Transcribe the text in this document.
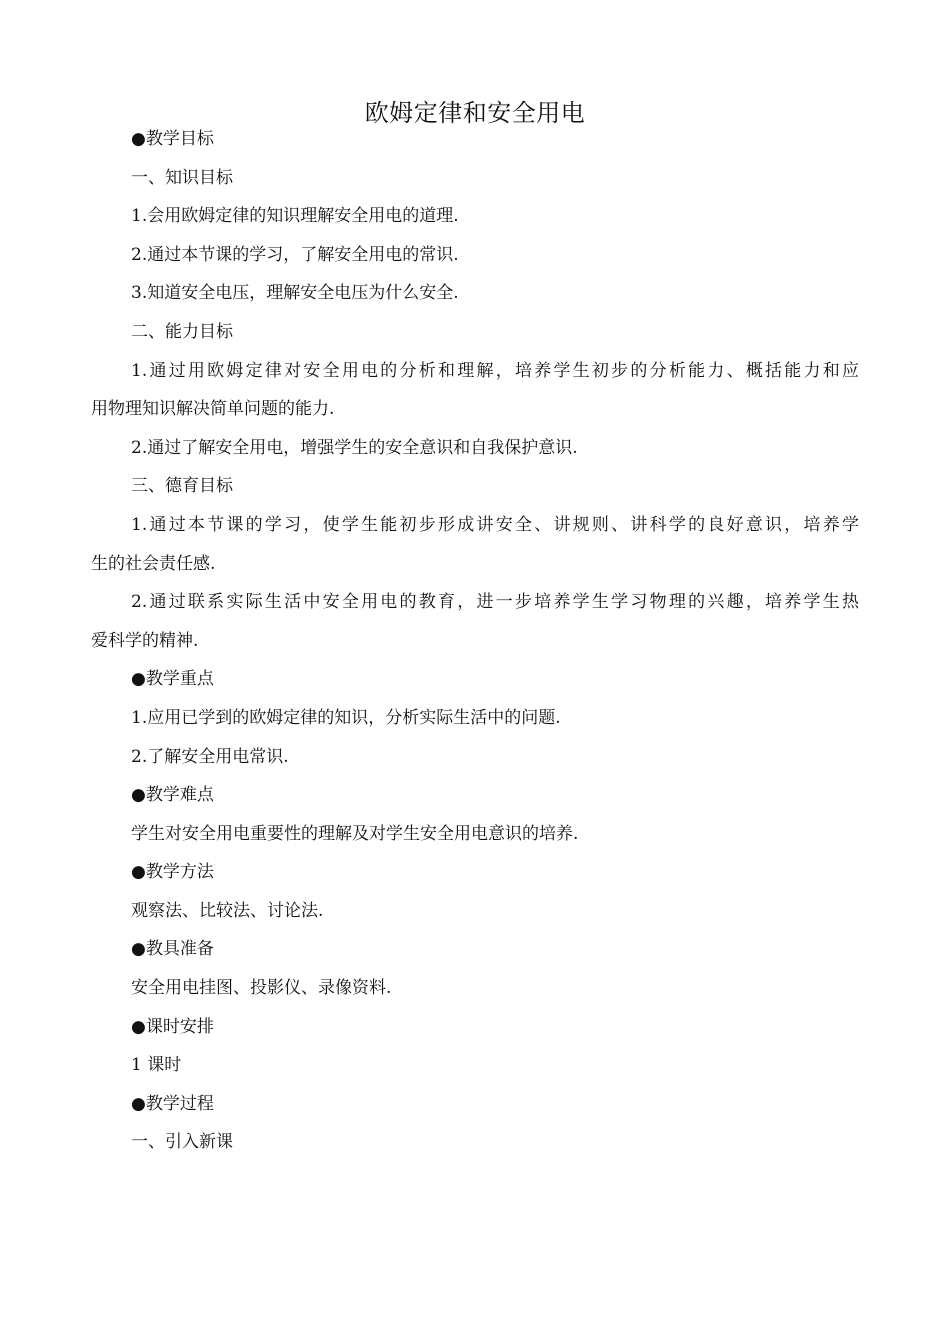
欧姆定律和安全用电
●教学目标
一、知识目标
1.会用欧姆定律的知识理解安全用电的道理.
2.通过本节课的学习，了解安全用电的常识.
3.知道安全电压，理解安全电压为什么安全.
二、能力目标
1.通过用欧姆定律对安全用电的分析和理解，培养学生初步的分析能力、概括能力和应
用物理知识解决简单问题的能力.
2.通过了解安全用电，增强学生的安全意识和自我保护意识.
三、德育目标
1.通过本节课的学习，使学生能初步形成讲安全、讲规则、讲科学的良好意识，培养学
生的社会责任感.
2.通过联系实际生活中安全用电的教育，进一步培养学生学习物理的兴趣，培养学生热
爱科学的精神.
●教学重点
1.应用已学到的欧姆定律的知识，分析实际生活中的问题.
2.了解安全用电常识.
●教学难点
学生对安全用电重要性的理解及对学生安全用电意识的培养.
●教学方法
观察法、比较法、讨论法.
●教具准备
安全用电挂图、投影仪、录像资料.
●课时安排
1 课时
●教学过程
一、引入新课
